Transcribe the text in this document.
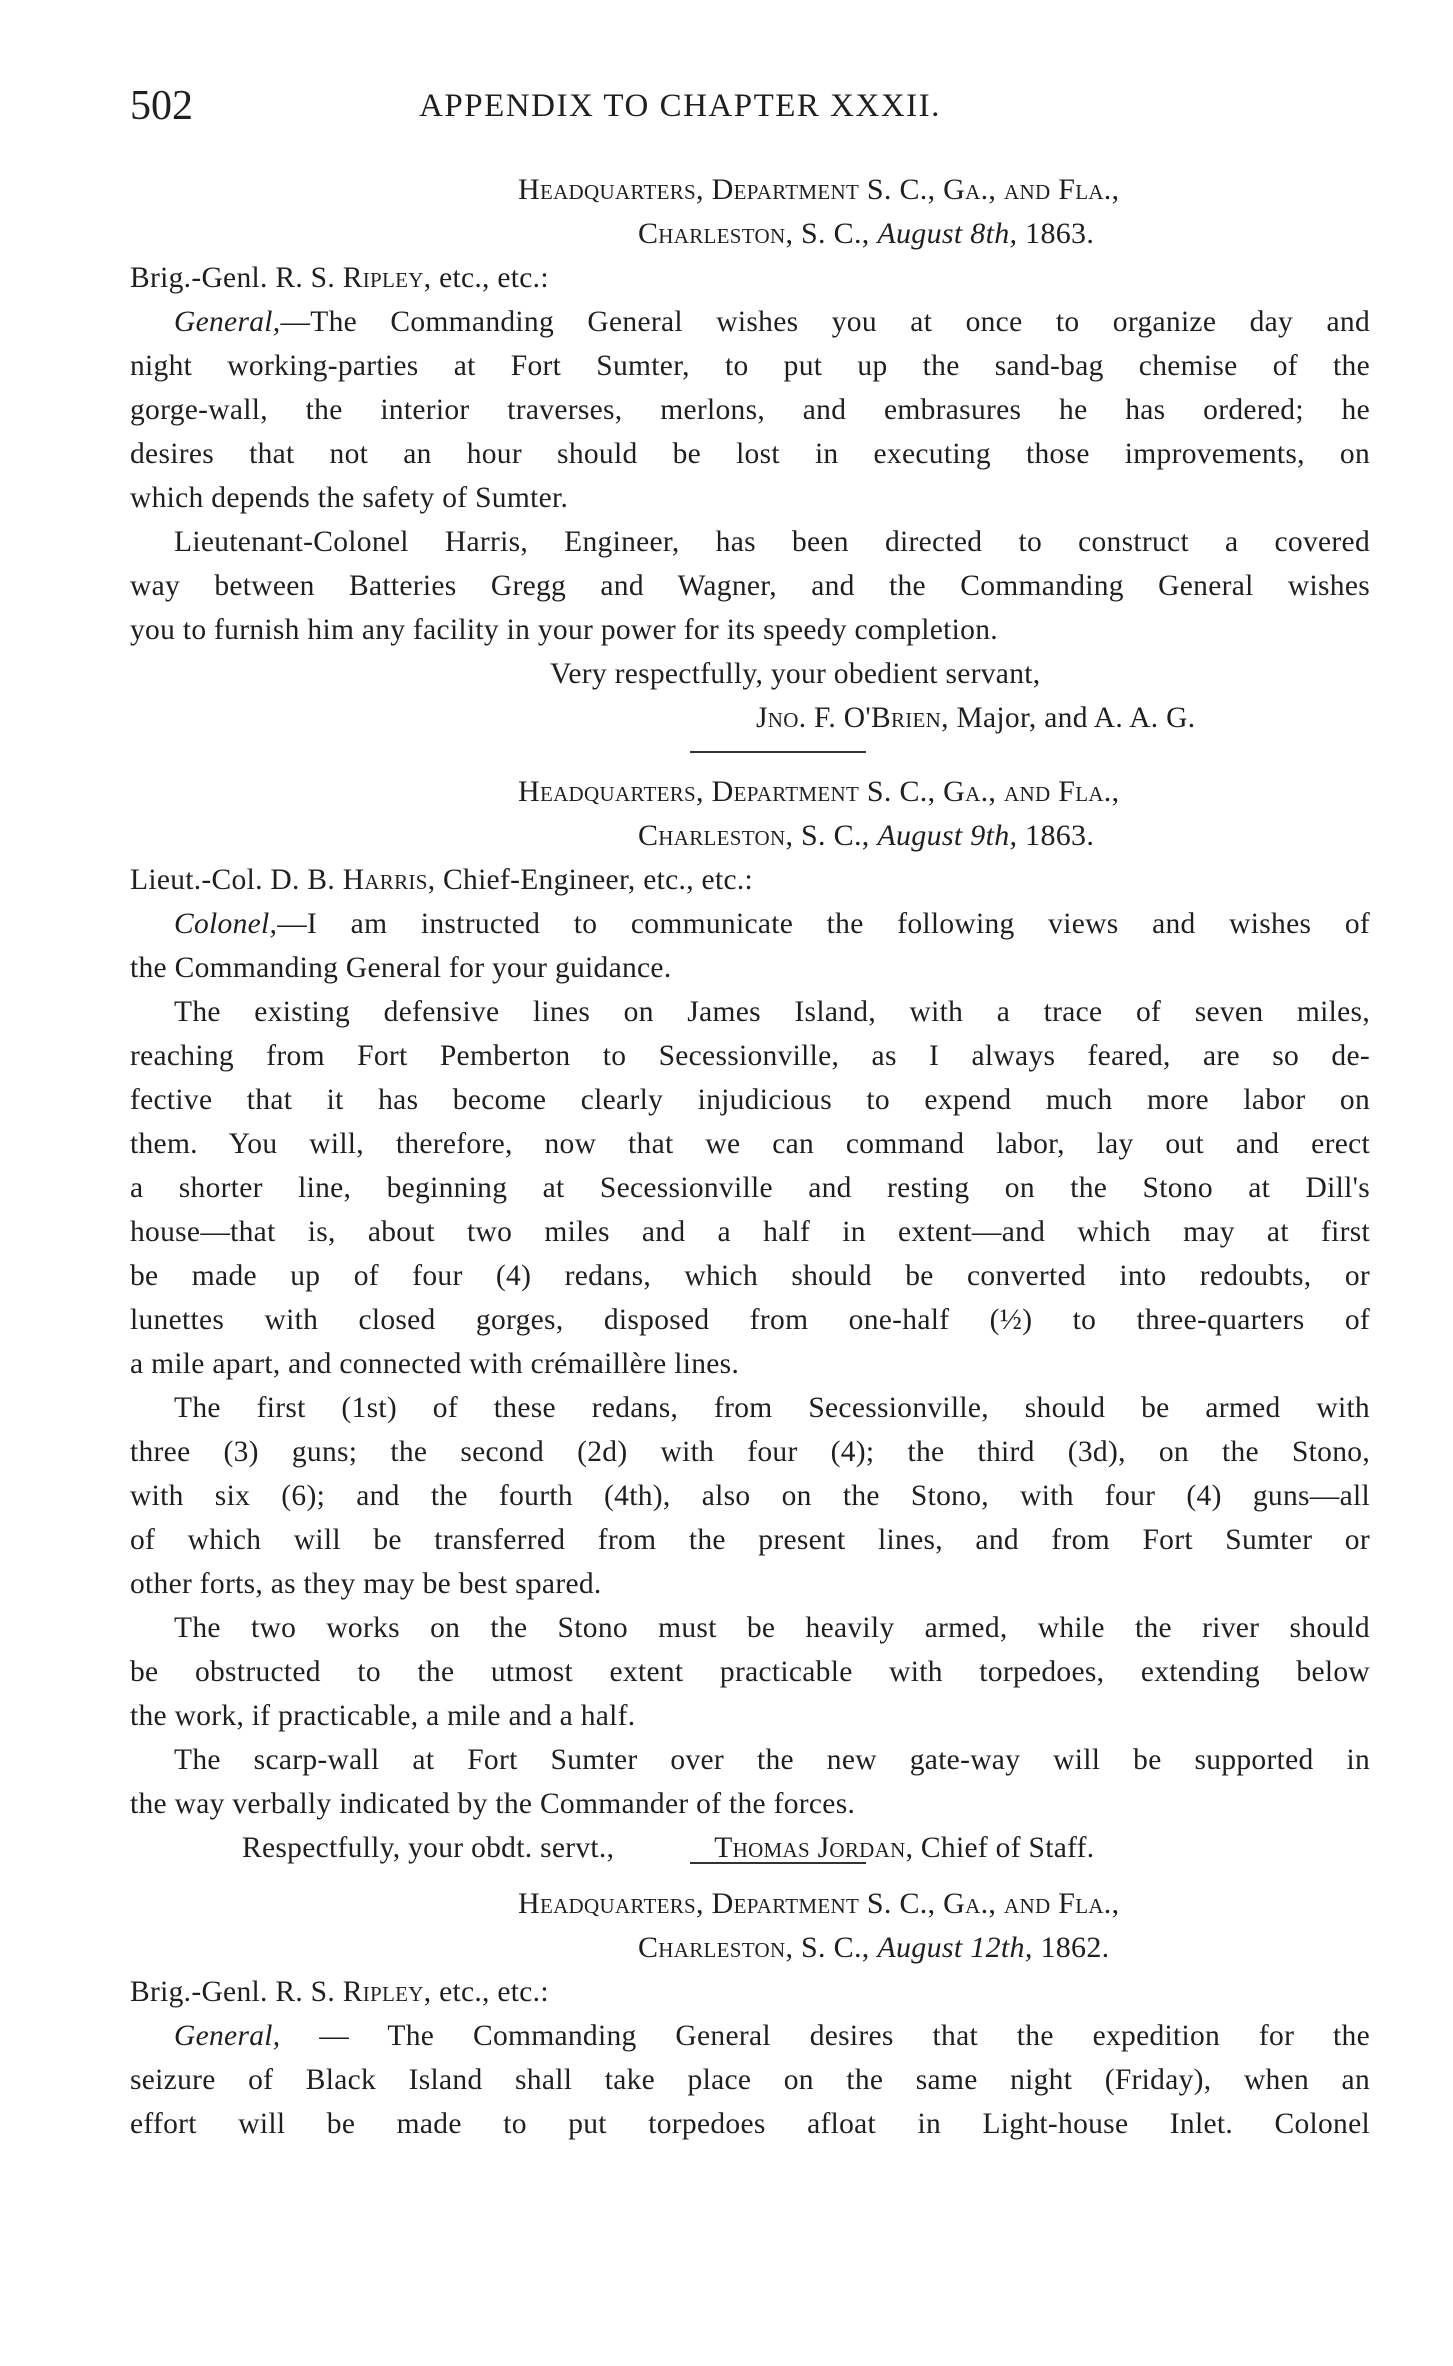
502	APPENDIX TO CHAPTER XXXII.
Headquarters, Department S. C., Ga., and Fla.,
Charleston, S. C., August 8th, 1863.
Brig.-Genl. R. S. Ripley, etc., etc.:
General,—The Commanding General wishes you at once to organize day and
night working-parties at Fort Sumter, to put up the sand-bag chemise of the
gorge-wall, the interior traverses, merlons, and embrasures he has ordered; he
desires that not an hour should be lost in executing those improvements, on
which depends the safety of Sumter.
Lieutenant-Colonel Harris, Engineer, has been directed to construct a covered
way between Batteries Gregg and Wagner, and the Commanding General wishes
you to furnish him any facility in your power for its speedy completion.
Very respectfully, your obedient servant,
Jno. F. O'Brien, Major, and A. A. G.
Headquarters, Department S. C., Ga., and Fla.,
Charleston, S. C., August 9th, 1863.
Lieut.-Col. D. B. Harris, Chief-Engineer, etc., etc.:
Colonel,—I am instructed to communicate the following views and wishes of
the Commanding General for your guidance.
The existing defensive lines on James Island, with a trace of seven miles,
reaching from Fort Pemberton to Secessionville, as I always feared, are so de-
fective that it has become clearly injudicious to expend much more labor on
them. You will, therefore, now that we can command labor, lay out and erect
a shorter line, beginning at Secessionville and resting on the Stono at Dill's
house—that is, about two miles and a half in extent—and which may at first
be made up of four (4) redans, which should be converted into redoubts, or
lunettes with closed gorges, disposed from one-half (½) to three-quarters of
a mile apart, and connected with crémaillère lines.
The first (1st) of these redans, from Secessionville, should be armed with
three (3) guns; the second (2d) with four (4); the third (3d), on the Stono,
with six (6); and the fourth (4th), also on the Stono, with four (4) guns—all
of which will be transferred from the present lines, and from Fort Sumter or
other forts, as they may be best spared.
The two works on the Stono must be heavily armed, while the river should
be obstructed to the utmost extent practicable with torpedoes, extending below
the work, if practicable, a mile and a half.
The scarp-wall at Fort Sumter over the new gate-way will be supported in
the way verbally indicated by the Commander of the forces.
Respectfully, your obdt. servt.,	Thomas Jordan, Chief of Staff.
Headquarters, Department S. C., Ga., and Fla.,
Charleston, S. C., August 12th, 1862.
Brig.-Genl. R. S. Ripley, etc., etc.:
General, — The Commanding General desires that the expedition for the
seizure of Black Island shall take place on the same night (Friday), when an
effort will be made to put torpedoes afloat in Light-house Inlet. Colonel
